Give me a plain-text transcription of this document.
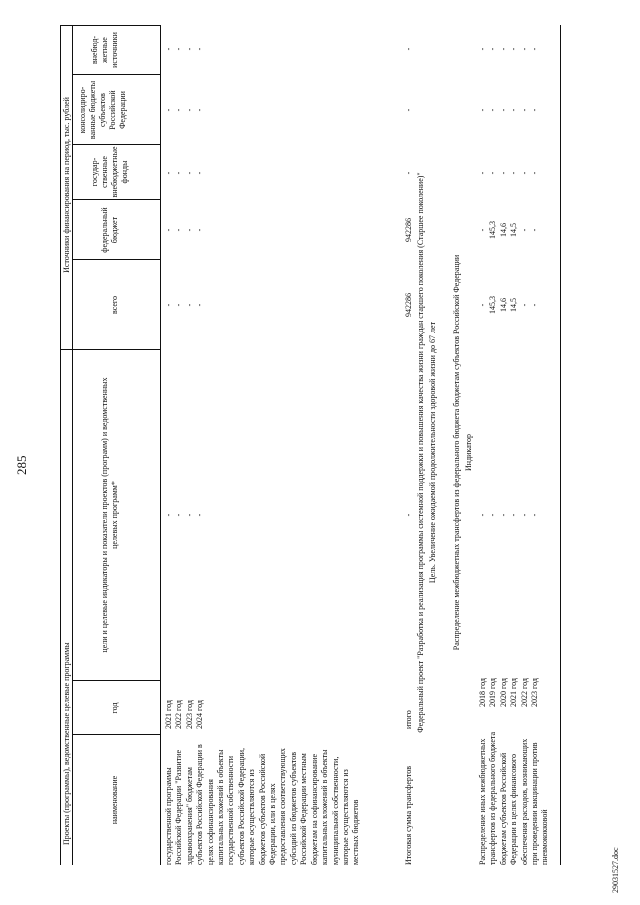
285
Проекты (программы), ведомственные целевые программы
Источники финансирования на период, тыс. рублей
наименование
год
цели и целевые индикаторы и показатели проектов (программ) и ведомственных целевых программ*
всего
федеральный бюджет
государ-ственные внебюджетные фонды
консолидиро-ванные бюджеты субъектов Российской Федерации
внебюд-жетные источники
государственной программы Российской Федерации "Развитие здравоохранения" бюджетам субъектов Российской Федерации в целях софинансирования капитальных вложений в объекты государственной собственности субъектов Российской Федерации, которые осуществляются из бюджетов субъектов Российской Федерации, или в целях предоставления соответствующих субсидий из бюджетов субъектов Российской Федерации местным бюджетам на софинансирование капитальных вложений в объекты муниципальной собственности, которые осуществляются из местных бюджетов
2021 год 2022 год 2023 год 2024 год
- - - -
- - - -
- - - -
- - - -
- - - -
- - - -
Итоговая сумма трансфертов
итого
-
942286
942286
-
-
-
Федеральный проект "Разработка и реализация программы системной поддержки и повышения качества жизни граждан старшего поколения (Старшее поколение)" Цель. Увеличение ожидаемой продолжительности здоровой жизни до 67 лет Распределение межбюджетных трансфертов из федерального бюджета бюджетам субъектов Российской Федерации Индикатор
Распределение иных межбюджетных трансфертов из федерального бюджета бюджетам субъектов Российской Федерации в целях финансового обеспечения расходов, возникающих при проведении вакцинации против пневмококковой
2018 год 2019 год 2020 год 2021 год 2022 год 2023 год
- - - - - -
- 145,3 14,6 14,5 - -
- 145,3 14,6 14,5 - -
- - - - - -
- - - - - -
- - - - - -
29031527.doc
